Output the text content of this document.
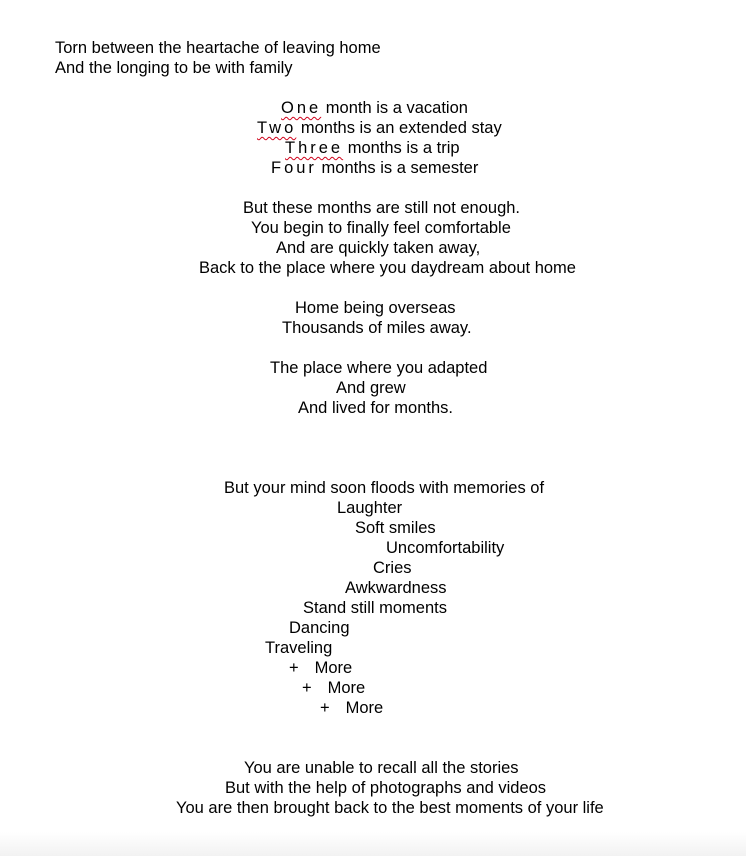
Torn between the heartache of leaving home
And the longing to be with family
One month is a vacation
Two months is an extended stay
Three months is a trip
Four months is a semester
But these months are still not enough.
You begin to finally feel comfortable
And are quickly taken away,
Back to the place where you daydream about home
Home being overseas
Thousands of miles away.
The place where you adapted
And grew
And lived for months.
But your mind soon floods with memories of
Laughter
Soft smiles
Uncomfortability
Cries
Awkwardness
Stand still moments
Dancing
Traveling
+ More
+ More
+ More
You are unable to recall all the stories
But with the help of photographs and videos
You are then brought back to the best moments of your life
